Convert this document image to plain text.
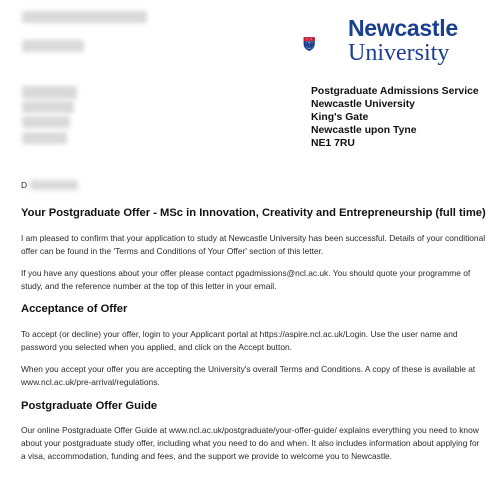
D
Newcastle
University
Postgraduate Admissions Service
Newcastle University
King's Gate
Newcastle upon Tyne
NE1 7RU
Your Postgraduate Offer - MSc in Innovation, Creativity and Entrepreneurship (full time)
I am pleased to confirm that your application to study at Newcastle University has been successful. Details of your conditional offer can be found in the 'Terms and Conditions of Your Offer' section of this letter.
If you have any questions about your offer please contact pgadmissions@ncl.ac.uk. You should quote your programme of study, and the reference number at the top of this letter in your email.
Acceptance of Offer
To accept (or decline) your offer, login to your Applicant portal at https://aspire.ncl.ac.uk/Login. Use the user name and password you selected when you applied, and click on the Accept button.
When you accept your offer you are accepting the University's overall Terms and Conditions. A copy of these is available at www.ncl.ac.uk/pre-arrival/regulations.
Postgraduate Offer Guide
Our online Postgraduate Offer Guide at www.ncl.ac.uk/postgraduate/your-offer-guide/ explains everything you need to know about your postgraduate study offer, including what you need to do and when. It also includes information about applying for a visa, accommodation, funding and fees, and the support we provide to welcome you to Newcastle.
